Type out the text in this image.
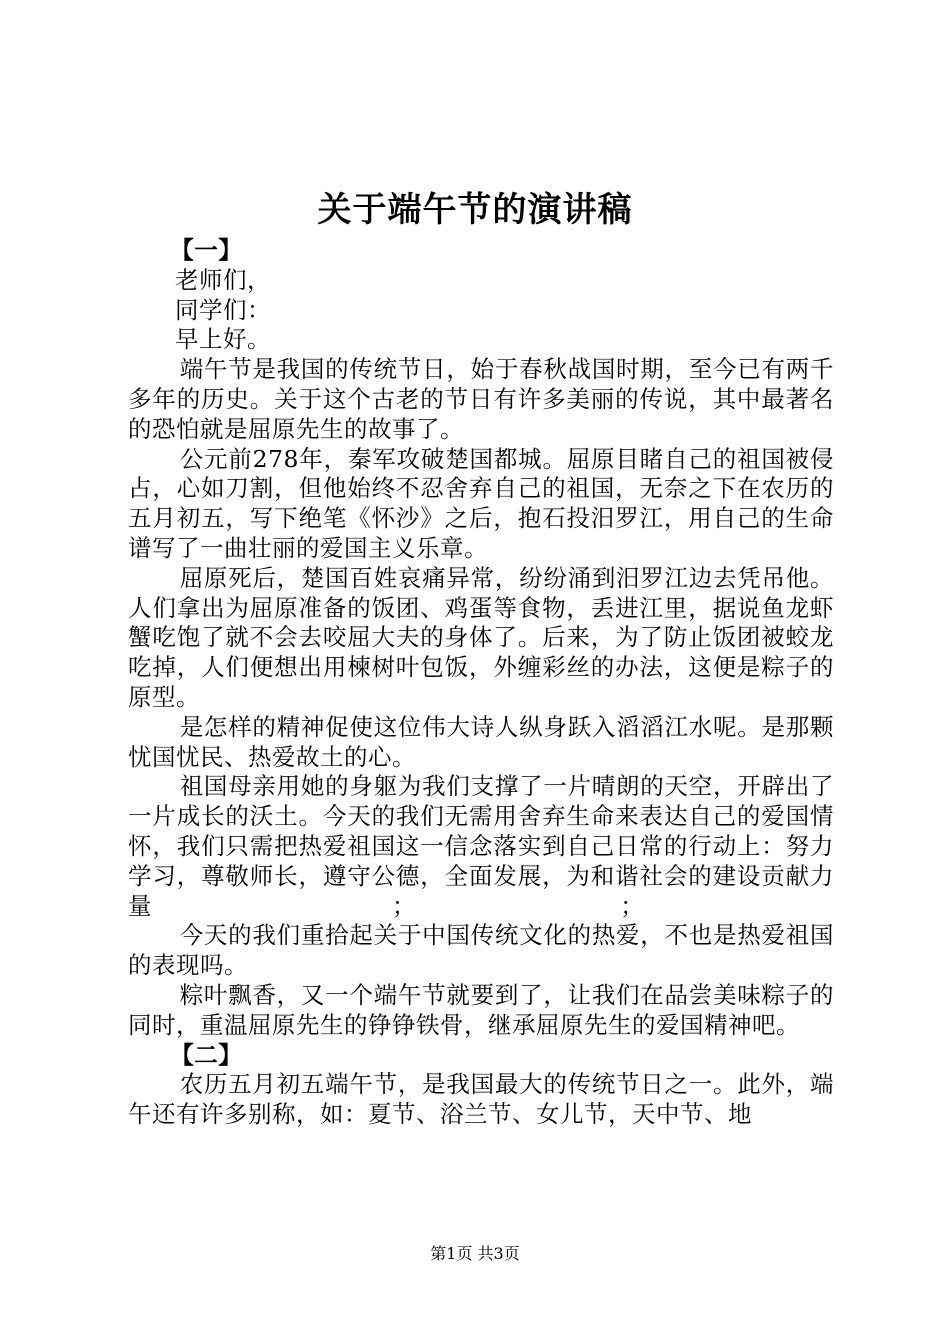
关于端午节的演讲稿

【一】

老师们，

同学们：

早上好。

端午节是我国的传统节日，始于春秋战国时期，至今已有两千多年的历史。关于这个古老的节日有许多美丽的传说，其中最著名的恐怕就是屈原先生的故事了。

公元前278年，秦军攻破楚国都城。屈原目睹自己的祖国被侵占，心如刀割，但他始终不忍舍弃自己的祖国，无奈之下在农历的五月初五，写下绝笔《怀沙》之后，抱石投汨罗江，用自己的生命谱写了一曲壮丽的爱国主义乐章。

屈原死后，楚国百姓哀痛异常，纷纷涌到汨罗江边去凭吊他。人们拿出为屈原准备的饭团、鸡蛋等食物，丢进江里，据说鱼龙虾蟹吃饱了就不会去咬屈大夫的身体了。后来，为了防止饭团被蛟龙吃掉，人们便想出用楝树叶包饭，外缠彩丝的办法，这便是粽子的原型。

是怎样的精神促使这位伟大诗人纵身跃入滔滔江水呢。是那颗忧国忧民、热爱故土的心。

祖国母亲用她的身躯为我们支撑了一片晴朗的天空，开辟出了一片成长的沃土。今天的我们无需用舍弃生命来表达自己的爱国情怀，我们只需把热爱祖国这一信念落实到自己日常的行动上：努力学习，尊敬师长，遵守公德，全面发展，为和谐社会的建设贡献力量　　　　　　　　　　；　　　　　　　　　；

今天的我们重拾起关于中国传统文化的热爱，不也是热爱祖国的表现吗。

粽叶飘香，又一个端午节就要到了，让我们在品尝美味粽子的同时，重温屈原先生的铮铮铁骨，继承屈原先生的爱国精神吧。

【二】

农历五月初五端午节，是我国最大的传统节日之一。此外，端午还有许多别称，如：夏节、浴兰节、女儿节，天中节、地

第1页 共3页
